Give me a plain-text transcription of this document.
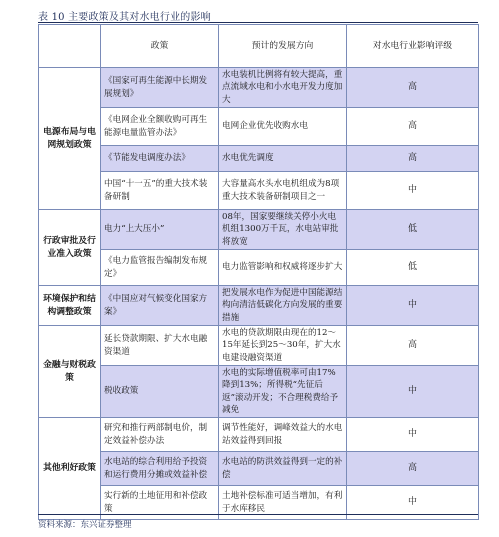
表 10 主要政策及其对水电行业的影响
	政策	预计的发展方向	对水电行业影响评级
电源布局与电网规划政策	《国家可再生能源中长期发展规划》	水电装机比例将有较大提高，重点流域水电和小水电开发力度加大	高
	《电网企业全额收购可再生能源电量监管办法》	电网企业优先收购水电	高
	《节能发电调度办法》	水电优先调度	高
	中国“十一五”的重大技术装备研制	大容量高水头水电机组成为8项重大技术装备研制项目之一	中
行政审批及行业准入政策	电力“上大压小”	08年，国家要继续关停小火电机组1300万千瓦，水电站审批将放宽	低
	《电力监管报告编制发布规定》	电力监管影响和权威将逐步扩大	低
环境保护和结构调整政策	《中国应对气候变化国家方案》	把发展水电作为促进中国能源结构向清洁低碳化方向发展的重要措施	中
金融与财税政策	延长贷款期限、扩大水电融资渠道	水电的贷款期限由现在的12～15年延长到25～30年，扩大水电建设融资渠道	高
	税收政策	水电的实际增值税率可由17%降到13%；所得税“先征后返”滚动开发；不合理税费给予减免	中
其他利好政策	研究和推行两部制电价，制定效益补偿办法	调节性能好，调峰效益大的水电站效益得到回报	中
	水电站的综合利用给予投资和运行费用分摊或效益补偿	水电站的防洪效益得到一定的补偿	高
	实行新的土地征用和补偿政策	土地补偿标准可适当增加，有利于水库移民	中
资料来源：东兴证券整理
